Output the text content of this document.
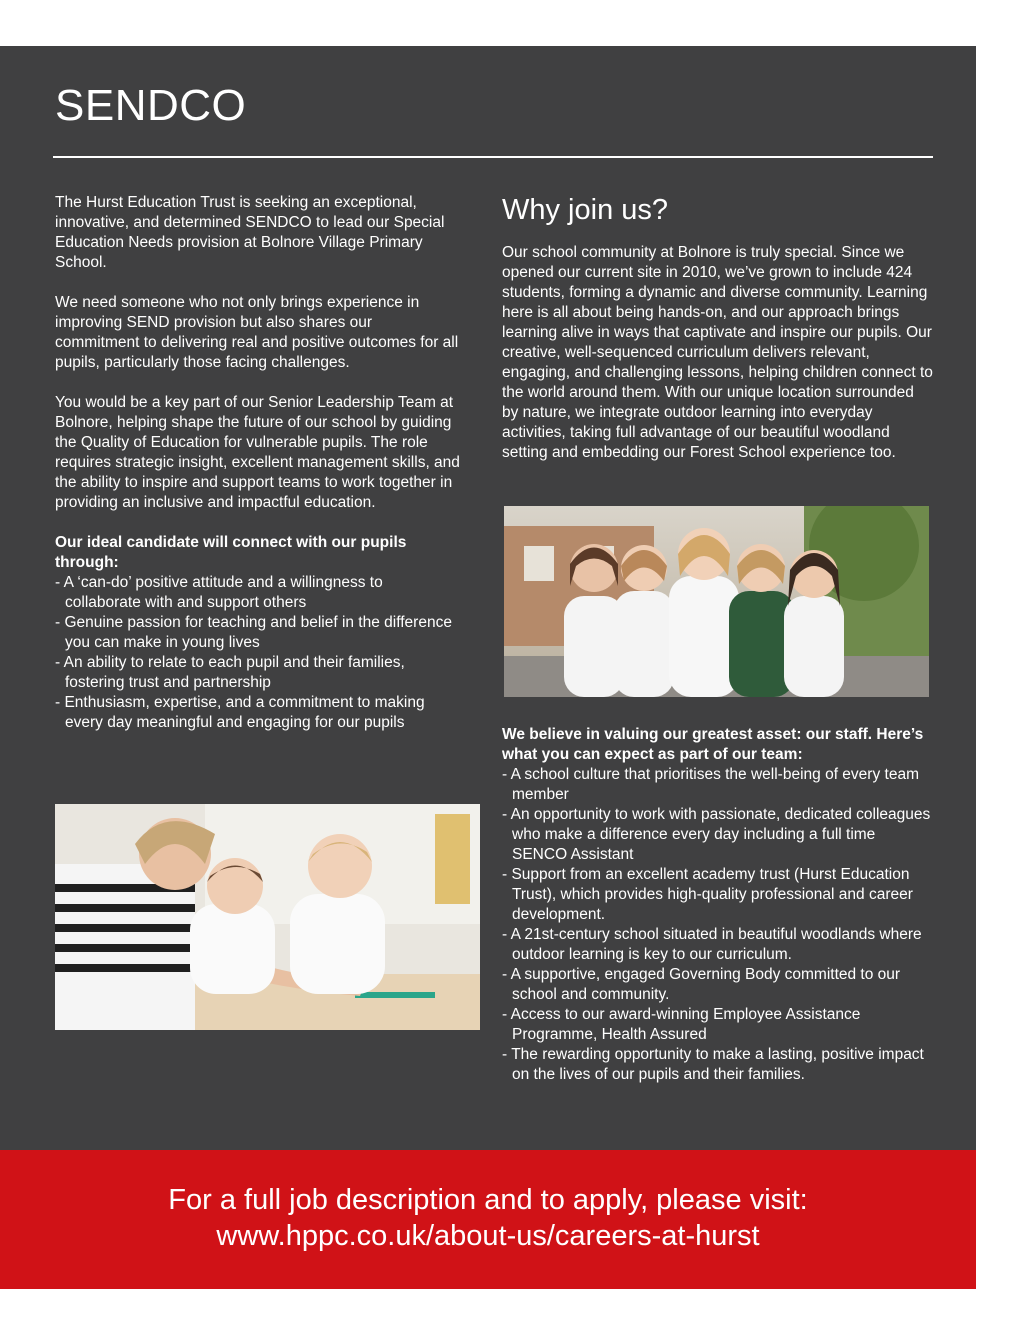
SENDCO

The Hurst Education Trust is seeking an exceptional, innovative, and determined SENDCO to lead our Special Education Needs provision at Bolnore Village Primary School.

We need someone who not only brings experience in improving SEND provision but also shares our commitment to delivering real and positive outcomes for all pupils, particularly those facing challenges.

You would be a key part of our Senior Leadership Team at Bolnore, helping shape the future of our school by guiding the Quality of Education for vulnerable pupils. The role requires strategic insight, excellent management skills, and the ability to inspire and support teams to work together in providing an inclusive and impactful education.

Our ideal candidate will connect with our pupils through:

- A ‘can-do’ positive attitude and a willingness to collaborate with and support others
- Genuine passion for teaching and belief in the difference you can make in young lives
- An ability to relate to each pupil and their families, fostering trust and partnership
- Enthusiasm, expertise, and a commitment to making every day meaningful and engaging for our pupils
Why join us?

Our school community at Bolnore is truly special. Since we opened our current site in 2010, we’ve grown to include 424 students, forming a dynamic and diverse community. Learning here is all about being hands-on, and our approach brings learning alive in ways that captivate and inspire our pupils. Our creative, well-sequenced curriculum delivers relevant, engaging, and challenging lessons, helping children connect to the world around them. With our unique location surrounded by nature, we integrate outdoor learning into everyday activities, taking full advantage of our beautiful woodland setting and embedding our Forest School experience too.

We believe in valuing our greatest asset: our staff. Here’s what you can expect as part of our team:

- A school culture that prioritises the well-being of every team member
- An opportunity to work with passionate, dedicated colleagues who make a difference every day including a full time SENCO Assistant
- Support from an excellent academy trust (Hurst Education Trust), which provides high-quality professional and career development.
- A 21st-century school situated in beautiful woodlands where outdoor learning is key to our curriculum.
- A supportive, engaged Governing Body committed to our school and community.
- Access to our award-winning Employee Assistance Programme, Health Assured
- The rewarding opportunity to make a lasting, positive impact on the lives of our pupils and their families.
For a full job description and to apply, please visit:
www.hppc.co.uk/about-us/careers-at-hurst
